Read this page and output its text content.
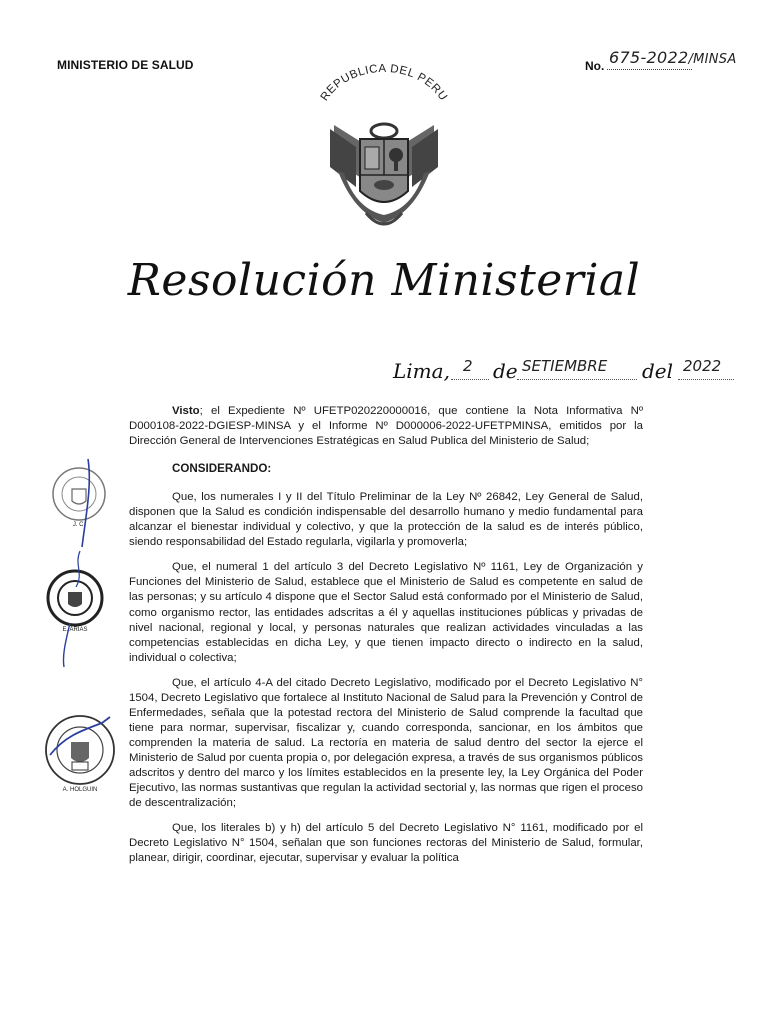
MINISTERIO DE SALUD	No. 675-2022/MINSA
REPUBLICA DEL PERU
Resolución Ministerial
Lima, 2 de SETIEMBRE del 2022

Visto; el Expediente Nº UFETP020220000016, que contiene la Nota Informativa Nº D000108-2022-DGIESP-MINSA y el Informe Nº D000006-2022-UFETPMINSA, emitidos por la Dirección General de Intervenciones Estratégicas en Salud Publica del Ministerio de Salud;

CONSIDERANDO:

Que, los numerales I y II del Título Preliminar de la Ley Nº 26842, Ley General de Salud, disponen que la Salud es condición indispensable del desarrollo humano y medio fundamental para alcanzar el bienestar individual y colectivo, y que la protección de la salud es de interés público, siendo responsabilidad del Estado regularla, vigilarla y promoverla;

Que, el numeral 1 del artículo 3 del Decreto Legislativo Nº 1161, Ley de Organización y Funciones del Ministerio de Salud, establece que el Ministerio de Salud es competente en salud de las personas; y su artículo 4 dispone que el Sector Salud está conformado por el Ministerio de Salud, como organismo rector, las entidades adscritas a él y aquellas instituciones públicas y privadas de nivel nacional, regional y local, y personas naturales que realizan actividades vinculadas a las competencias establecidas en dicha Ley, y que tienen impacto directo o indirecto en la salud, individual o colectiva;

Que, el artículo 4-A del citado Decreto Legislativo, modificado por el Decreto Legislativo N° 1504, Decreto Legislativo que fortalece al Instituto Nacional de Salud para la Prevención y Control de Enfermedades, señala que la potestad rectora del Ministerio de Salud comprende la facultad que tiene para normar, supervisar, fiscalizar y, cuando corresponda, sancionar, en los ámbitos que comprenden la materia de salud. La rectoría en materia de salud dentro del sector la ejerce el Ministerio de Salud por cuenta propia o, por delegación expresa, a través de sus organismos públicos adscritos y dentro del marco y los límites establecidos en la presente ley, la Ley Orgánica del Poder Ejecutivo, las normas sustantivas que regulan la actividad sectorial y, las normas que rigen el proceso de descentralización;

Que, los literales b) y h) del artículo 5 del Decreto Legislativo N° 1161, modificado por el Decreto Legislativo N° 1504, señalan que son funciones rectoras del Ministerio de Salud, formular, planear, dirigir, coordinar, ejecutar, supervisar y evaluar la política

J. C.
E. ARIAS
A. HOLGUIN
